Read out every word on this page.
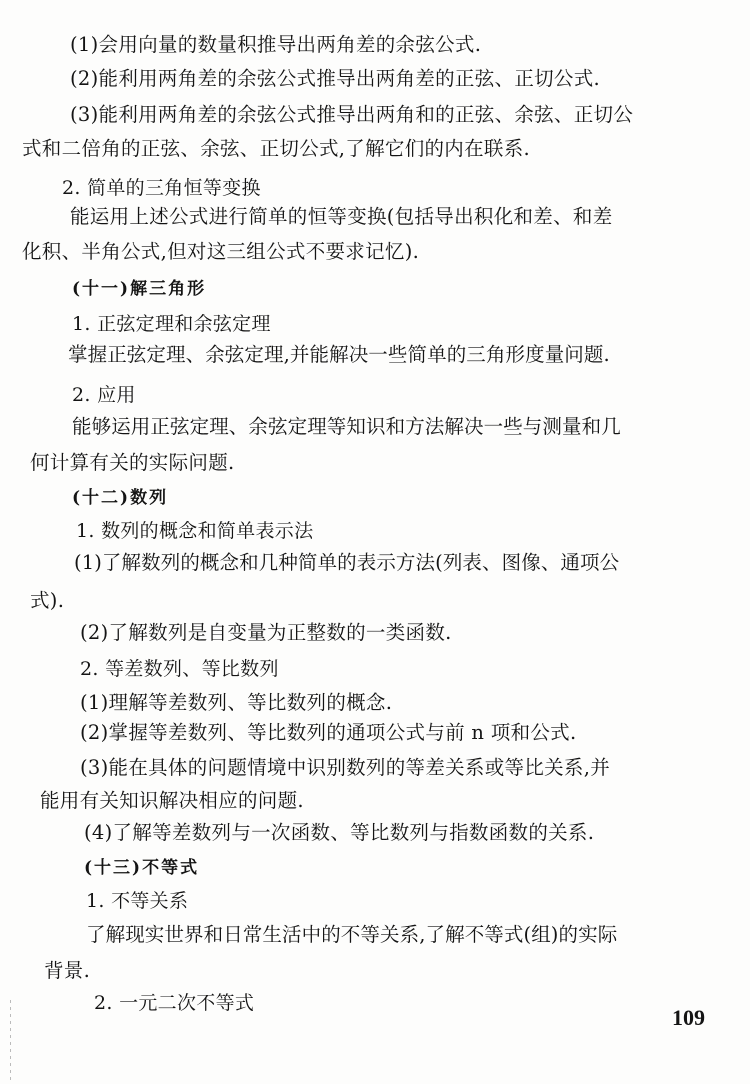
(1)会用向量的数量积推导出两角差的余弦公式.
(2)能利用两角差的余弦公式推导出两角差的正弦、正切公式.
(3)能利用两角差的余弦公式推导出两角和的正弦、余弦、正切公
式和二倍角的正弦、余弦、正切公式,了解它们的内在联系.
2. 简单的三角恒等变换
能运用上述公式进行简单的恒等变换(包括导出积化和差、和差
化积、半角公式,但对这三组公式不要求记忆).
(十一)解三角形
1. 正弦定理和余弦定理
掌握正弦定理、余弦定理,并能解决一些简单的三角形度量问题.
2. 应用
能够运用正弦定理、余弦定理等知识和方法解决一些与测量和几
何计算有关的实际问题.
(十二)数列
1. 数列的概念和简单表示法
(1)了解数列的概念和几种简单的表示方法(列表、图像、通项公
式).
(2)了解数列是自变量为正整数的一类函数.
2. 等差数列、等比数列
(1)理解等差数列、等比数列的概念.
(2)掌握等差数列、等比数列的通项公式与前 n 项和公式.
(3)能在具体的问题情境中识别数列的等差关系或等比关系,并
能用有关知识解决相应的问题.
(4)了解等差数列与一次函数、等比数列与指数函数的关系.
(十三)不等式
1. 不等关系
了解现实世界和日常生活中的不等关系,了解不等式(组)的实际
背景.
2. 一元二次不等式
109
